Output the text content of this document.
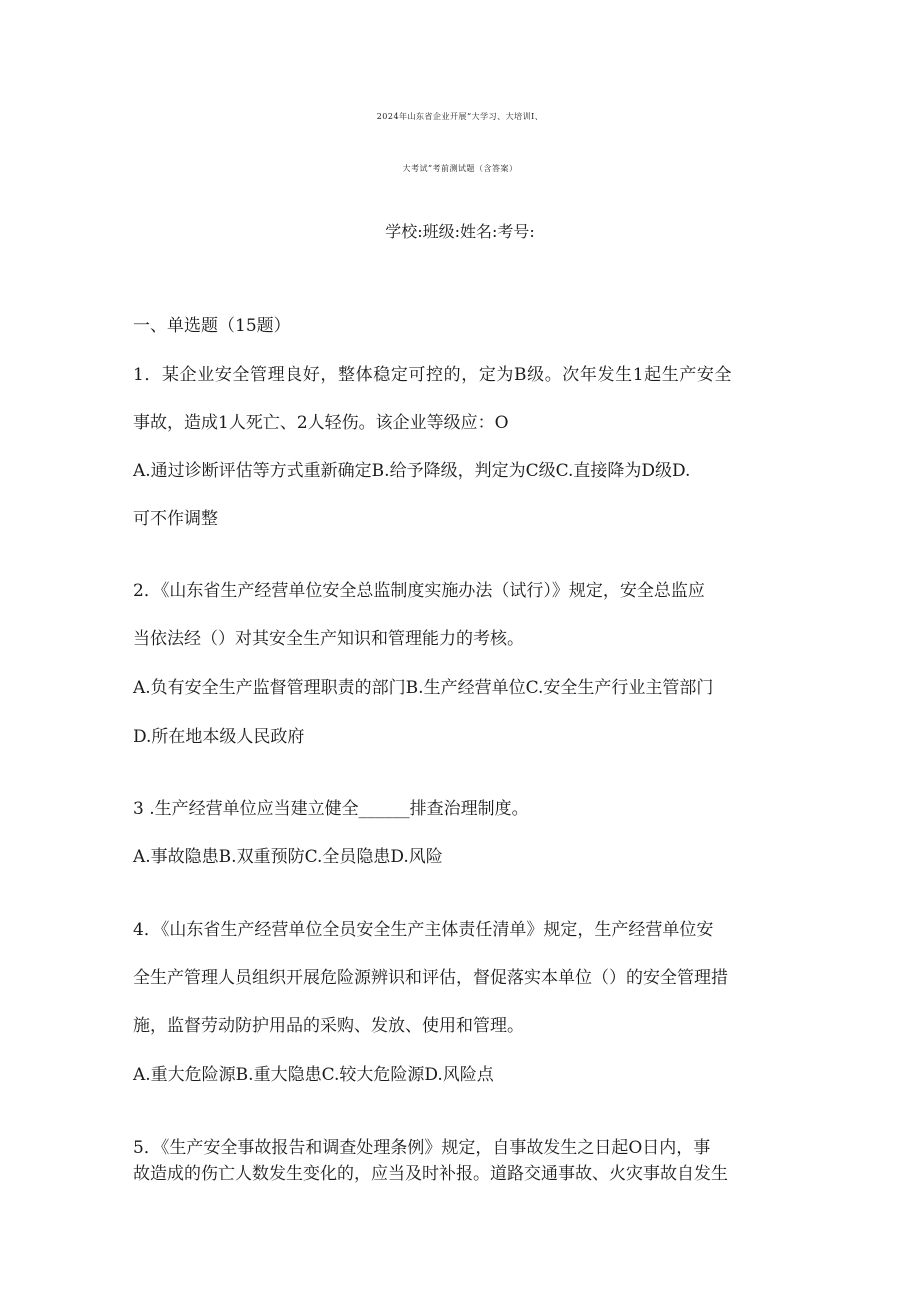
2024年山东省企业开展“大学习、大培训I、
大考试”考前测试题（含答案）
学校:班级:姓名:考号:
一、单选题（15题）
1．某企业安全管理良好，整体稳定可控的，定为B级。次年发生1起生产安全
事故，造成1人死亡、2人轻伤。该企业等级应：O
A.通过诊断评估等方式重新确定B.给予降级，判定为C级C.直接降为D级D.
可不作调整
2．《山东省生产经营单位安全总监制度实施办法（试行）》规定，安全总监应
当依法经（）对其安全生产知识和管理能力的考核。
A.负有安全生产监督管理职责的部门B.生产经营单位C.安全生产行业主管部门
D.所在地本级人民政府
3 .生产经营单位应当建立健全______排查治理制度。
A.事故隐患B.双重预防C.全员隐患D.风险
4．《山东省生产经营单位全员安全生产主体责任清单》规定，生产经营单位安
全生产管理人员组织开展危险源辨识和评估，督促落实本单位（）的安全管理措
施，监督劳动防护用品的采购、发放、使用和管理。
A.重大危险源B.重大隐患C.较大危险源D.风险点
5．《生产安全事故报告和调查处理条例》规定，自事故发生之日起O日内，事
故造成的伤亡人数发生变化的，应当及时补报。道路交通事故、火灾事故自发生
